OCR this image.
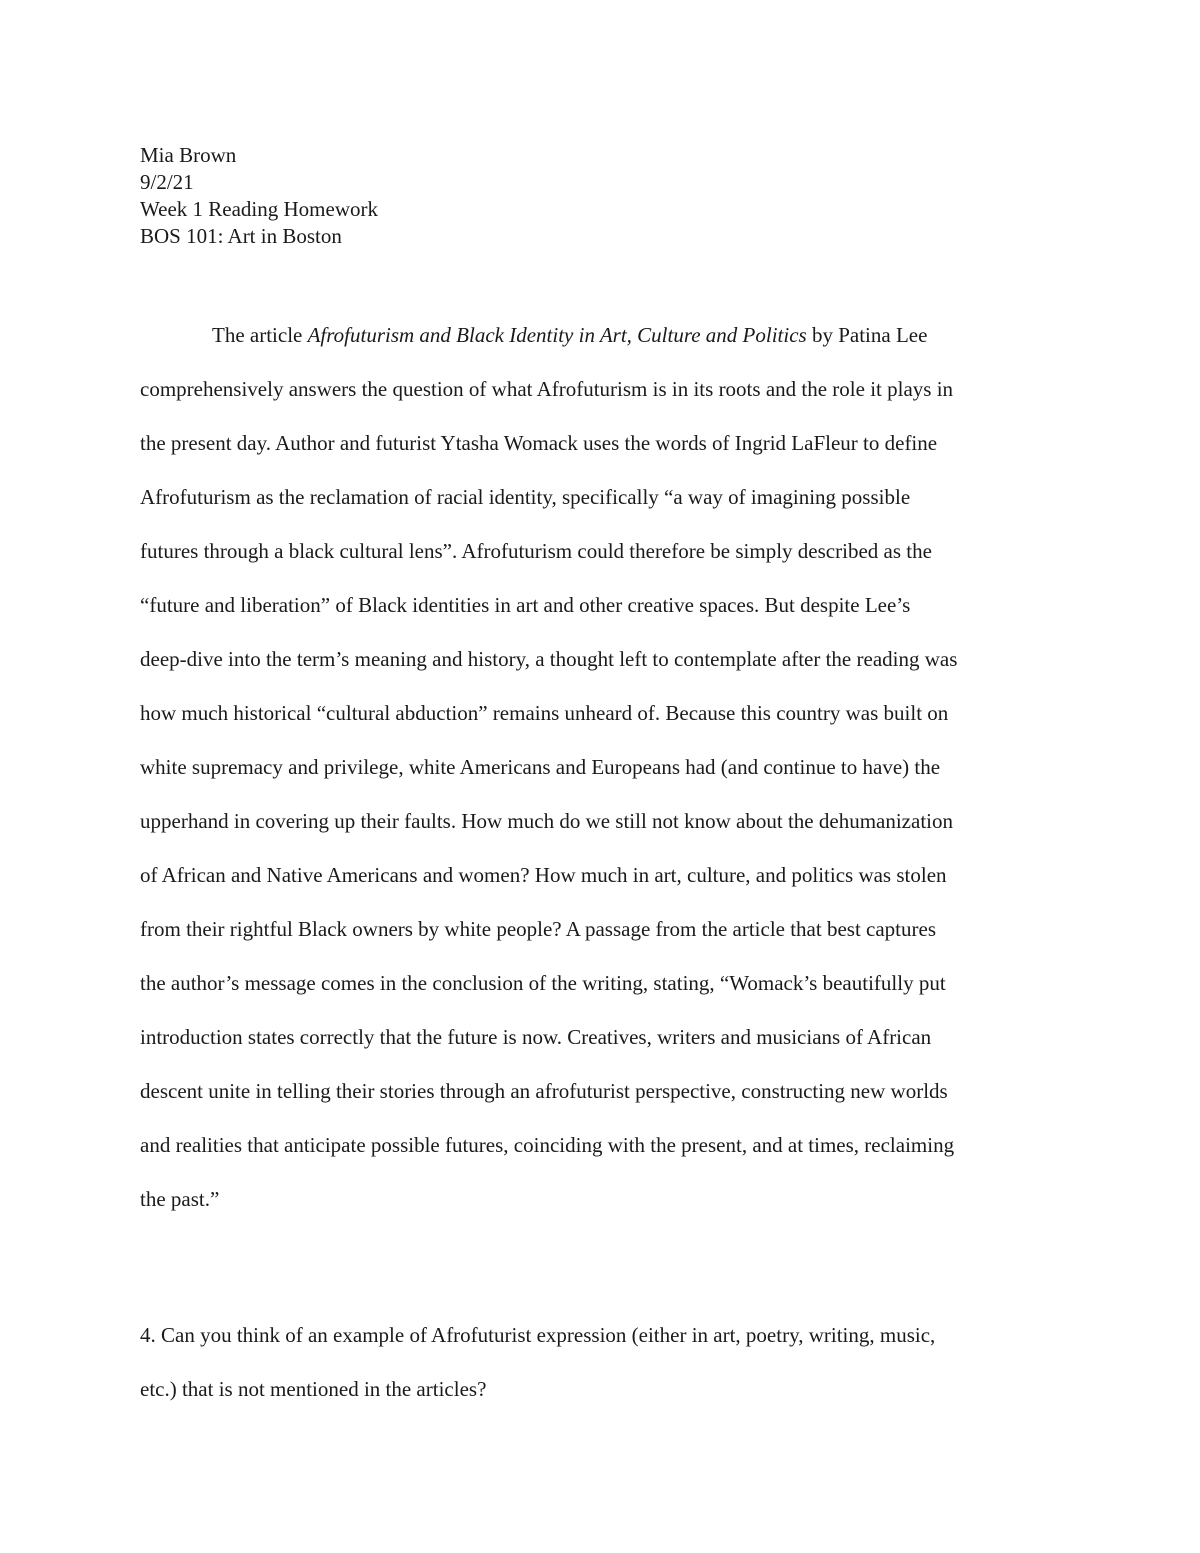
Mia Brown

9/2/21

Week 1 Reading Homework

BOS 101: Art in Boston

The article Afrofuturism and Black Identity in Art, Culture and Politics by Patina Lee
comprehensively answers the question of what Afrofuturism is in its roots and the role it plays in
the present day. Author and futurist Ytasha Womack uses the words of Ingrid LaFleur to define
Afrofuturism as the reclamation of racial identity, specifically “a way of imagining possible
futures through a black cultural lens”. Afrofuturism could therefore be simply described as the
“future and liberation” of Black identities in art and other creative spaces. But despite Lee’s
deep-dive into the term’s meaning and history, a thought left to contemplate after the reading was
how much historical “cultural abduction” remains unheard of. Because this country was built on
white supremacy and privilege, white Americans and Europeans had (and continue to have) the
upperhand in covering up their faults. How much do we still not know about the dehumanization
of African and Native Americans and women? How much in art, culture, and politics was stolen
from their rightful Black owners by white people? A passage from the article that best captures
the author’s message comes in the conclusion of the writing, stating, “Womack’s beautifully put
introduction states correctly that the future is now. Creatives, writers and musicians of African
descent unite in telling their stories through an afrofuturist perspective, constructing new worlds
and realities that anticipate possible futures, coinciding with the present, and at times, reclaiming
the past.”

4. Can you think of an example of Afrofuturist expression (either in art, poetry, writing, music,
etc.) that is not mentioned in the articles?
